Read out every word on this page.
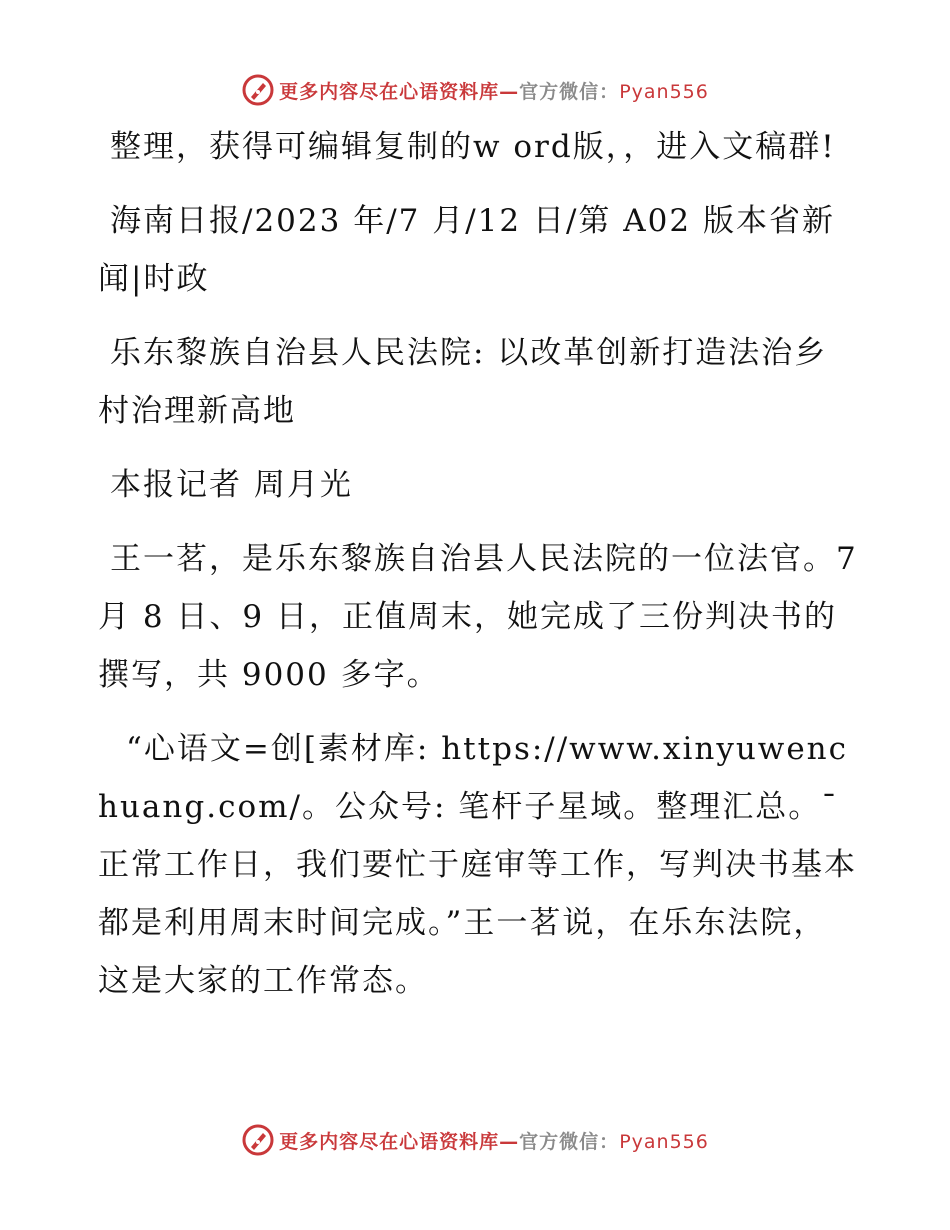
更多内容尽在心语资料库—官方微信：Pyan556

整理，获得可编辑复制的w ord版，，进入文稿群!

海南日报/2023 年/7 月/12 日/第 A02 版本省新闻|时政

乐东黎族自治县人民法院: 以改革创新打造法治乡村治理新高地

本报记者 周月光

王一茗，是乐东黎族自治县人民法院的一位法官。7 月 8 日、9 日，正值周末，她完成了三份判决书的撰写，共 9000 多字。

“心语文=创[素材库: https://www.xinyuwenchuang.com/。公众号: 笔杆子星域。整理汇总。¯ 正常工作日，我们要忙于庭审等工作，写判决书基本都是利用周末时间完成。”王一茗说，在乐东法院，这是大家的工作常态。

更多内容尽在心语资料库—官方微信：Pyan556
